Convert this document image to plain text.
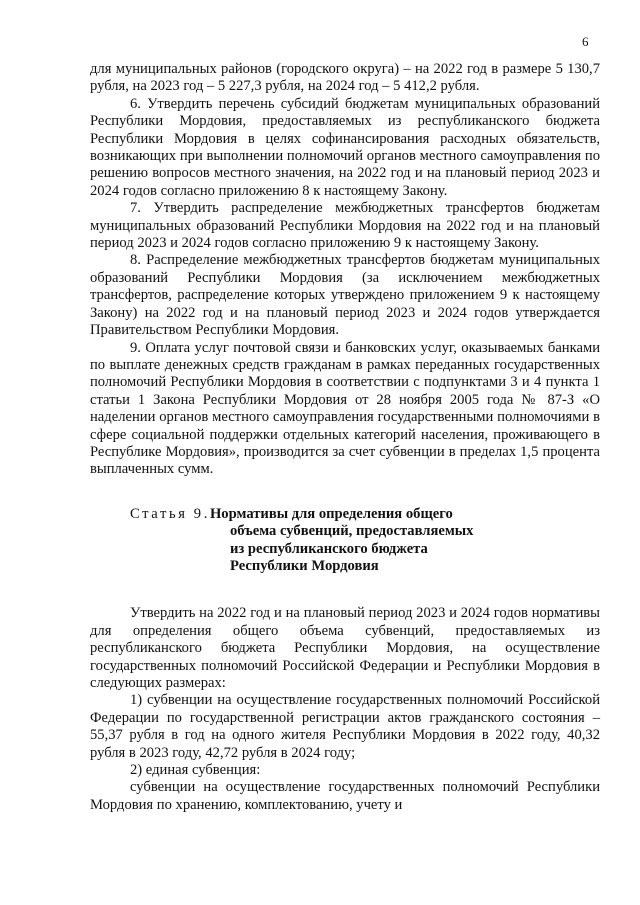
6

для муниципальных районов (городского округа) – на 2022 год в размере 5 130,7 рубля, на 2023 год – 5 227,3 рубля, на 2024 год – 5 412,2 рубля.

6. Утвердить перечень субсидий бюджетам муниципальных образований Республики Мордовия, предоставляемых из республиканского бюджета Республики Мордовия в целях софинансирования расходных обязательств, возникающих при выполнении полномочий органов местного самоуправления по решению вопросов местного значения, на 2022 год и на плановый период 2023 и 2024 годов согласно приложению 8 к настоящему Закону.

7. Утвердить распределение межбюджетных трансфертов бюджетам муниципальных образований Республики Мордовия на 2022 год и на плановый период 2023 и 2024 годов согласно приложению 9 к настоящему Закону.

8. Распределение межбюджетных трансфертов бюджетам муниципальных образований Республики Мордовия (за исключением межбюджетных трансфертов, распределение которых утверждено приложением 9 к настоящему Закону) на 2022 год и на плановый период 2023 и 2024 годов утверждается Правительством Республики Мордовия.

9. Оплата услуг почтовой связи и банковских услуг, оказываемых банками по выплате денежных средств гражданам в рамках переданных государственных полномочий Республики Мордовия в соответствии с подпунктами 3 и 4 пункта 1 статьи 1 Закона Республики Мордовия от 28 ноября 2005 года № 87-З «О наделении органов местного самоуправления государственными полномочиями в сфере социальной поддержки отдельных категорий населения, проживающего в Республике Мордовия», производится за счет субвенции в пределах 1,5 процента выплаченных сумм.

Статья 9. Нормативы для определения общего
объема субвенций, предоставляемых
из республиканского бюджета
Республики Мордовия

Утвердить на 2022 год и на плановый период 2023 и 2024 годов нормативы для определения общего объема субвенций, предоставляемых из республиканского бюджета Республики Мордовия, на осуществление государственных полномочий Российской Федерации и Республики Мордовия в следующих размерах:

1) субвенции на осуществление государственных полномочий Российской Федерации по государственной регистрации актов гражданского состояния – 55,37 рубля в год на одного жителя Республики Мордовия в 2022 году, 40,32 рубля в 2023 году, 42,72 рубля в 2024 году;

2) единая субвенция:

субвенции на осуществление государственных полномочий Республики Мордовия по хранению, комплектованию, учету и
